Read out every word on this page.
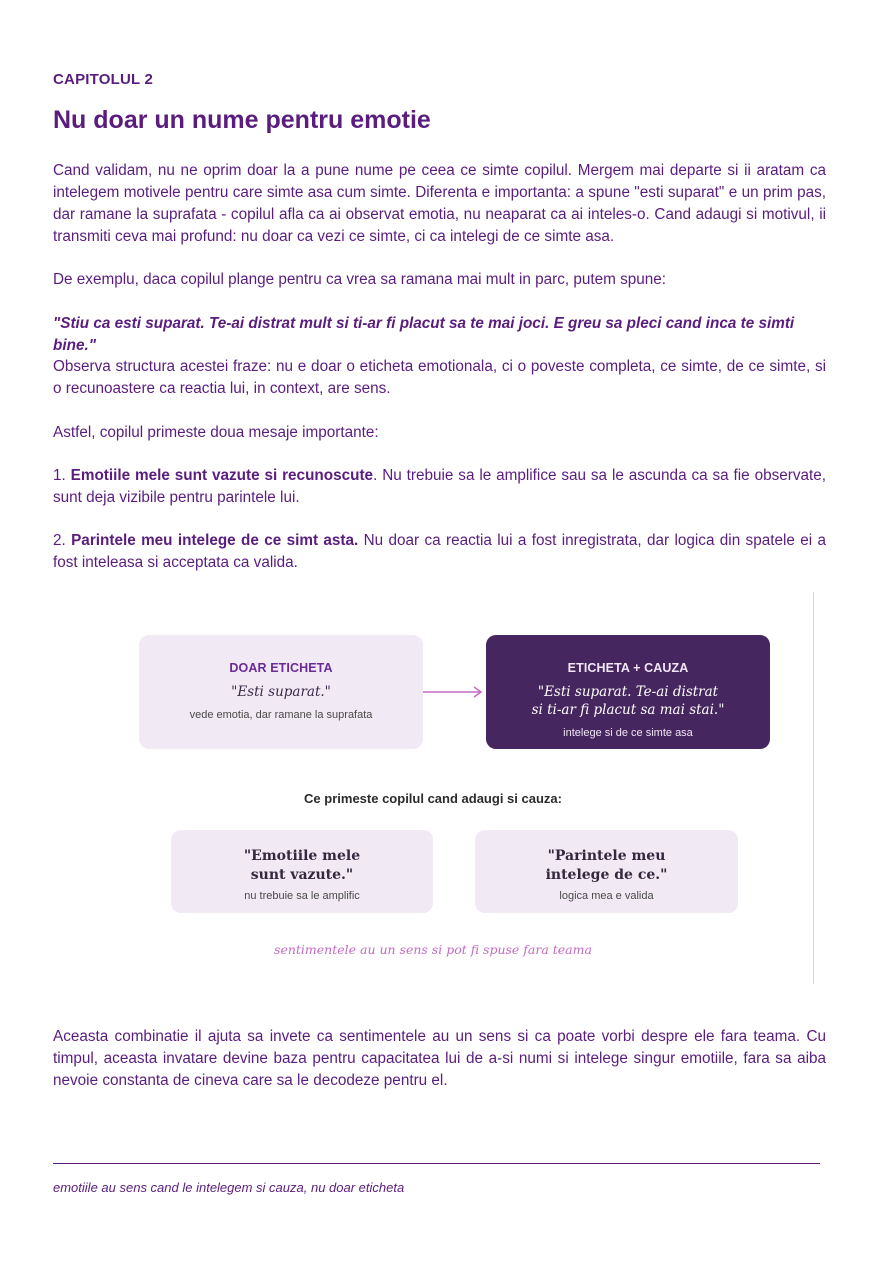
CAPITOLUL 2
Nu doar un nume pentru emotie

Cand validam, nu ne oprim doar la a pune nume pe ceea ce simte copilul. Mergem mai departe si ii aratam ca intelegem motivele pentru care simte asa cum simte. Diferenta e importanta: a spune "esti suparat" e un prim pas, dar ramane la suprafata - copilul afla ca ai observat emotia, nu neaparat ca ai inteles-o. Cand adaugi si motivul, ii transmiti ceva mai profund: nu doar ca vezi ce simte, ci ca intelegi de ce simte asa.

De exemplu, daca copilul plange pentru ca vrea sa ramana mai mult in parc, putem spune:

"Stiu ca esti suparat. Te-ai distrat mult si ti-ar fi placut sa te mai joci. E greu sa pleci cand inca te simti bine."

Observa structura acestei fraze: nu e doar o eticheta emotionala, ci o poveste completa, ce simte, de ce simte, si o recunoastere ca reactia lui, in context, are sens.

Astfel, copilul primeste doua mesaje importante:

1. Emotiile mele sunt vazute si recunoscute. Nu trebuie sa le amplifice sau sa le ascunda ca sa fie observate, sunt deja vizibile pentru parintele lui.

2. Parintele meu intelege de ce simt asta. Nu doar ca reactia lui a fost inregistrata, dar logica din spatele ei a fost inteleasa si acceptata ca valida.

DOAR ETICHETA
"Esti suparat."
vede emotia, dar ramane la suprafata
ETICHETA + CAUZA
"Esti suparat. Te-ai distrat
si ti-ar fi placut sa mai stai."
intelege si de ce simte asa
Ce primeste copilul cand adaugi si cauza:
"Emotiile mele
sunt vazute."
nu trebuie sa le amplific
"Parintele meu
intelege de ce."
logica mea e valida
sentimentele au un sens si pot fi spuse fara teama

Aceasta combinatie il ajuta sa invete ca sentimentele au un sens si ca poate vorbi despre ele fara teama. Cu timpul, aceasta invatare devine baza pentru capacitatea lui de a-si numi si intelege singur emotiile, fara sa aiba nevoie constanta de cineva care sa le decodeze pentru el.

emotiile au sens cand le intelegem si cauza, nu doar eticheta
